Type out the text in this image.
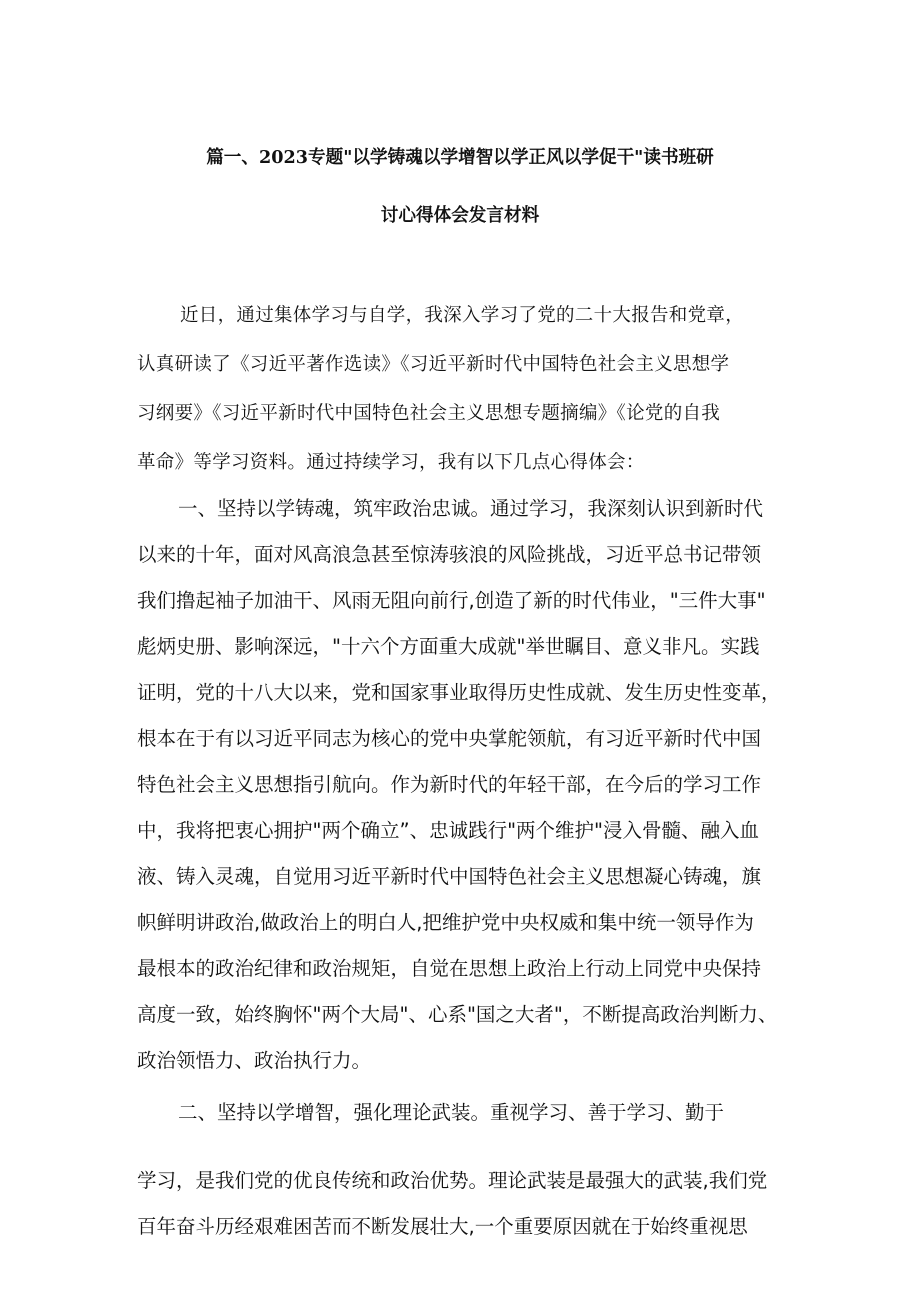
篇一、2023专题"以学铸魂以学增智以学正风以学促干"读书班研
讨心得体会发言材料
近日，通过集体学习与自学，我深入学习了党的二十大报告和党章，
认真研读了《习近平著作选读》《习近平新时代中国特色社会主义思想学
习纲要》《习近平新时代中国特色社会主义思想专题摘编》《论党的自我
革命》等学习资料。通过持续学习，我有以下几点心得体会：
一、坚持以学铸魂，筑牢政治忠诚。通过学习，我深刻认识到新时代
以来的十年，面对风高浪急甚至惊涛骇浪的风险挑战，习近平总书记带领
我们撸起袖子加油干、风雨无阻向前行,创造了新的时代伟业，"三件大事"
彪炳史册、影响深远，"十六个方面重大成就"举世瞩目、意义非凡。实践
证明，党的十八大以来，党和国家事业取得历史性成就、发生历史性变革，
根本在于有以习近平同志为核心的党中央掌舵领航，有习近平新时代中国
特色社会主义思想指引航向。作为新时代的年轻干部，在今后的学习工作
中，我将把衷心拥护"两个确立”、忠诚践行"两个维护"浸入骨髓、融入血
液、铸入灵魂，自觉用习近平新时代中国特色社会主义思想凝心铸魂，旗
帜鲜明讲政治,做政治上的明白人,把维护党中央权威和集中统一领导作为
最根本的政治纪律和政治规矩，自觉在思想上政治上行动上同党中央保持
高度一致，始终胸怀"两个大局"、心系"国之大者"，不断提高政治判断力、
政治领悟力、政治执行力。
二、坚持以学增智，强化理论武装。重视学习、善于学习、勤于
学习，是我们党的优良传统和政治优势。理论武装是最强大的武装,我们党
百年奋斗历经艰难困苦而不断发展壮大,一个重要原因就在于始终重视思
